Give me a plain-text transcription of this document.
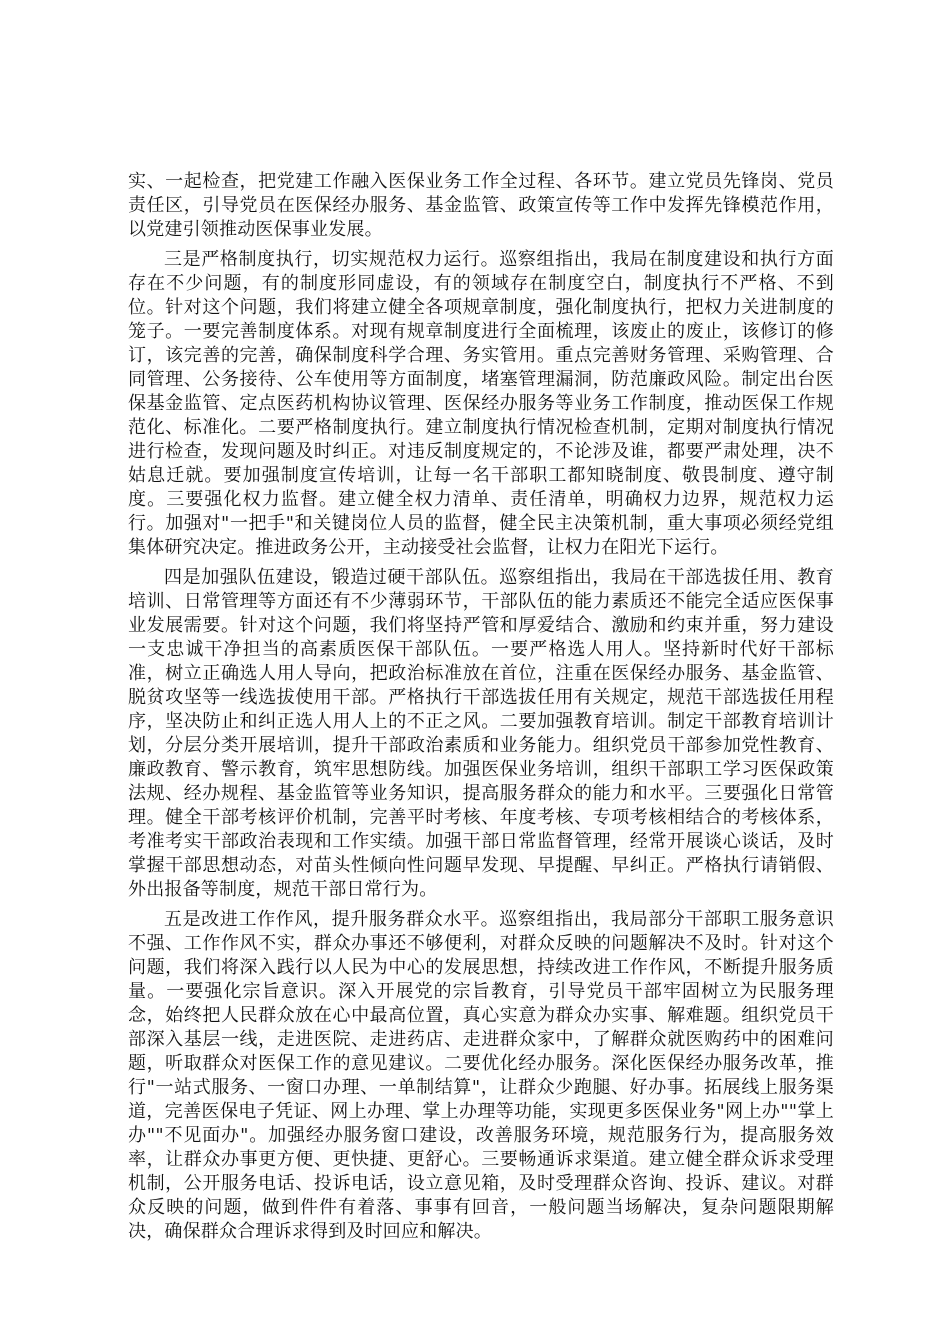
实、一起检查，把党建工作融入医保业务工作全过程、各环节。建立党员先锋岗、党员责任区，引导党员在医保经办服务、基金监管、政策宣传等工作中发挥先锋模范作用，以党建引领推动医保事业发展。

三是严格制度执行，切实规范权力运行。巡察组指出，我局在制度建设和执行方面存在不少问题，有的制度形同虚设，有的领域存在制度空白，制度执行不严格、不到位。针对这个问题，我们将建立健全各项规章制度，强化制度执行，把权力关进制度的笼子。一要完善制度体系。对现有规章制度进行全面梳理，该废止的废止，该修订的修订，该完善的完善，确保制度科学合理、务实管用。重点完善财务管理、采购管理、合同管理、公务接待、公车使用等方面制度，堵塞管理漏洞，防范廉政风险。制定出台医保基金监管、定点医药机构协议管理、医保经办服务等业务工作制度，推动医保工作规范化、标准化。二要严格制度执行。建立制度执行情况检查机制，定期对制度执行情况进行检查，发现问题及时纠正。对违反制度规定的，不论涉及谁，都要严肃处理，决不姑息迁就。要加强制度宣传培训，让每一名干部职工都知晓制度、敬畏制度、遵守制度。三要强化权力监督。建立健全权力清单、责任清单，明确权力边界，规范权力运行。加强对"一把手"和关键岗位人员的监督，健全民主决策机制，重大事项必须经党组集体研究决定。推进政务公开，主动接受社会监督，让权力在阳光下运行。

四是加强队伍建设，锻造过硬干部队伍。巡察组指出，我局在干部选拔任用、教育培训、日常管理等方面还有不少薄弱环节，干部队伍的能力素质还不能完全适应医保事业发展需要。针对这个问题，我们将坚持严管和厚爱结合、激励和约束并重，努力建设一支忠诚干净担当的高素质医保干部队伍。一要严格选人用人。坚持新时代好干部标准，树立正确选人用人导向，把政治标准放在首位，注重在医保经办服务、基金监管、脱贫攻坚等一线选拔使用干部。严格执行干部选拔任用有关规定，规范干部选拔任用程序，坚决防止和纠正选人用人上的不正之风。二要加强教育培训。制定干部教育培训计划，分层分类开展培训，提升干部政治素质和业务能力。组织党员干部参加党性教育、廉政教育、警示教育，筑牢思想防线。加强医保业务培训，组织干部职工学习医保政策法规、经办规程、基金监管等业务知识，提高服务群众的能力和水平。三要强化日常管理。健全干部考核评价机制，完善平时考核、年度考核、专项考核相结合的考核体系，考准考实干部政治表现和工作实绩。加强干部日常监督管理，经常开展谈心谈话，及时掌握干部思想动态，对苗头性倾向性问题早发现、早提醒、早纠正。严格执行请销假、外出报备等制度，规范干部日常行为。

五是改进工作作风，提升服务群众水平。巡察组指出，我局部分干部职工服务意识不强、工作作风不实，群众办事还不够便利，对群众反映的问题解决不及时。针对这个问题，我们将深入践行以人民为中心的发展思想，持续改进工作作风，不断提升服务质量。一要强化宗旨意识。深入开展党的宗旨教育，引导党员干部牢固树立为民服务理念，始终把人民群众放在心中最高位置，真心实意为群众办实事、解难题。组织党员干部深入基层一线，走进医院、走进药店、走进群众家中，了解群众就医购药中的困难问题，听取群众对医保工作的意见建议。二要优化经办服务。深化医保经办服务改革，推行"一站式服务、一窗口办理、一单制结算"，让群众少跑腿、好办事。拓展线上服务渠道，完善医保电子凭证、网上办理、掌上办理等功能，实现更多医保业务"网上办""掌上办""不见面办"。加强经办服务窗口建设，改善服务环境，规范服务行为，提高服务效率，让群众办事更方便、更快捷、更舒心。三要畅通诉求渠道。建立健全群众诉求受理机制，公开服务电话、投诉电话，设立意见箱，及时受理群众咨询、投诉、建议。对群众反映的问题，做到件件有着落、事事有回音，一般问题当场解决，复杂问题限期解决，确保群众合理诉求得到及时回应和解决。
